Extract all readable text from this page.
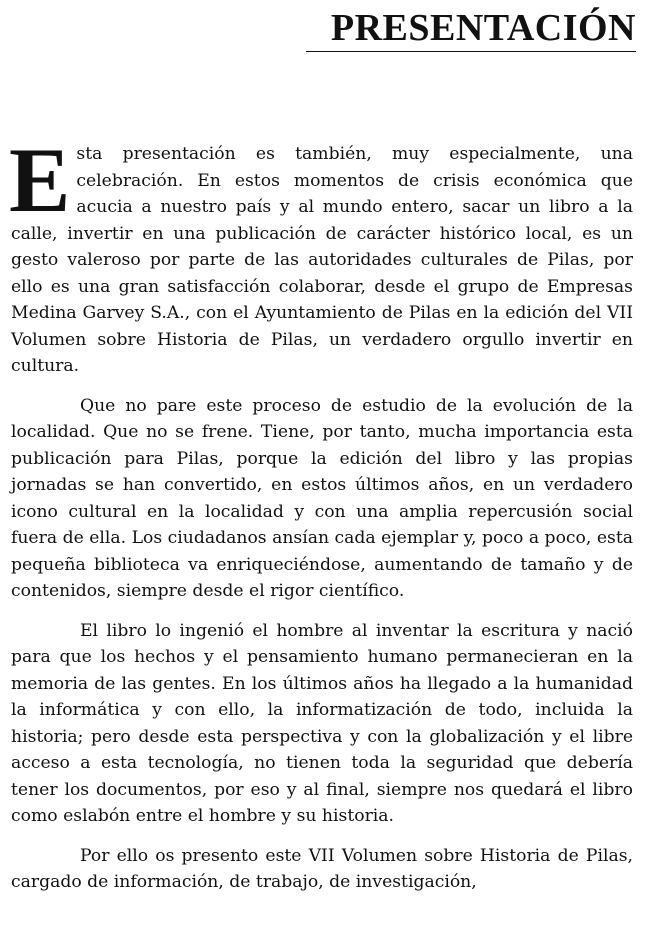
PRESENTACIÓN

Esta presentación es también, muy especialmente, una celebración. En estos momentos de crisis económica que acucia a nuestro país y al mundo entero, sacar un libro a la calle, invertir en una publicación de carácter histórico local, es un gesto valeroso por parte de las autoridades culturales de Pilas, por ello es una gran satisfacción colaborar, desde el grupo de Empresas Medina Garvey S.A., con el Ayuntamiento de Pilas en la edición del VII Volumen sobre Historia de Pilas, un verdadero orgullo invertir en cultura.

Que no pare este proceso de estudio de la evolución de la localidad. Que no se frene. Tiene, por tanto, mucha importancia esta publicación para Pilas, porque la edición del libro y las propias jornadas se han convertido, en estos últimos años, en un verdadero icono cultural en la localidad y con una amplia repercusión social fuera de ella. Los ciudadanos ansían cada ejemplar y, poco a poco, esta pequeña biblioteca va enriqueciéndose, aumentando de tamaño y de contenidos, siempre desde el rigor científico.

El libro lo ingenió el hombre al inventar la escritura y nació para que los hechos y el pensamiento humano permanecieran en la memoria de las gentes. En los últimos años ha llegado a la humanidad la informática y con ello, la informatización de todo, incluida la historia; pero desde esta perspectiva y con la globalización y el libre acceso a esta tecnología, no tienen toda la seguridad que debería tener los documentos, por eso y al final, siempre nos quedará el libro como eslabón entre el hombre y su historia.

Por ello os presento este VII Volumen sobre Historia de Pilas, cargado de información, de trabajo, de investigación,
